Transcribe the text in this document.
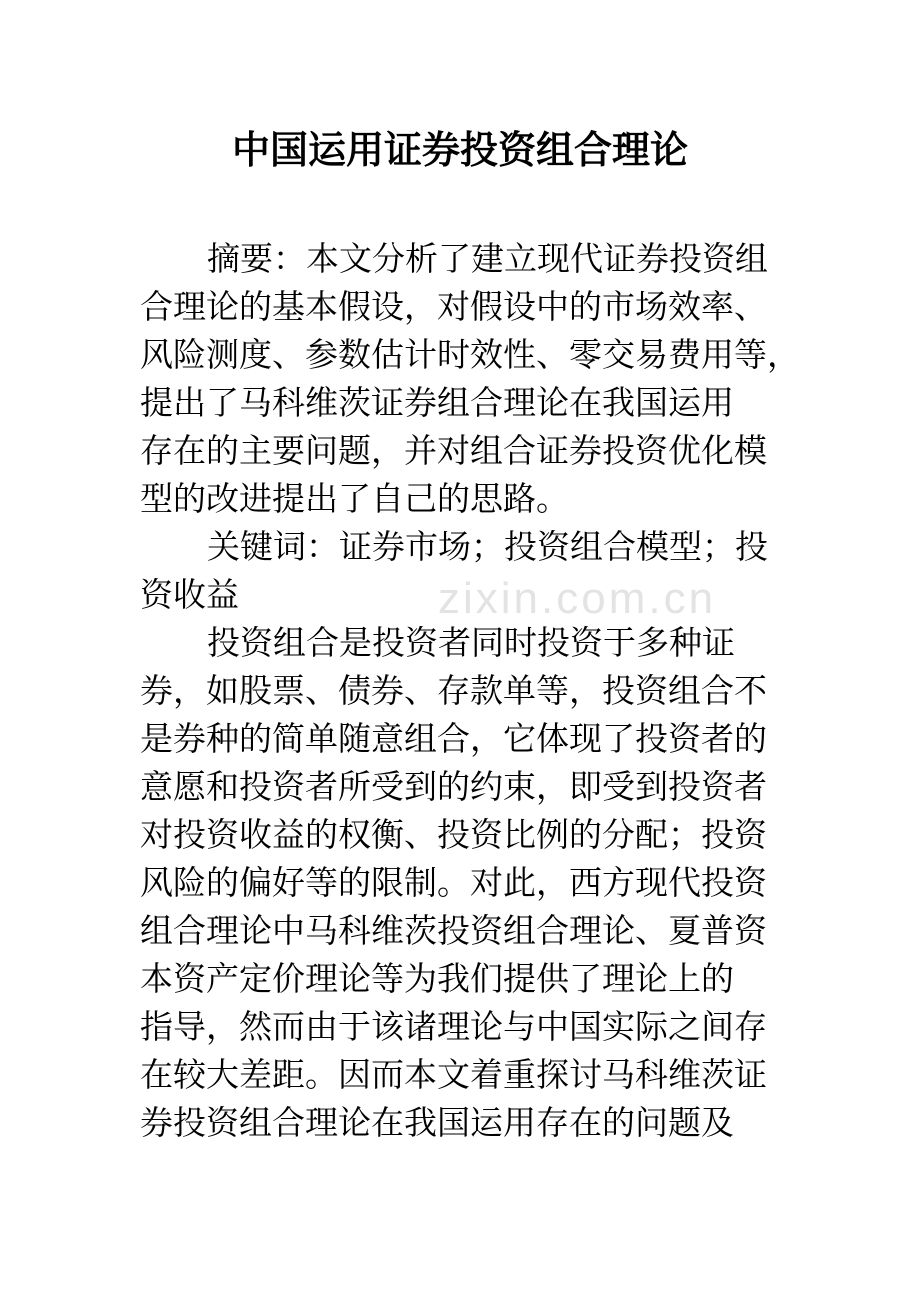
zixin.com.cn
中国运用证券投资组合理论
摘要：本文分析了建立现代证券投资组
合理论的基本假设，对假设中的市场效率、
风险测度、参数估计时效性、零交易费用等，
提出了马科维茨证券组合理论在我国运用
存在的主要问题，并对组合证券投资优化模
型的改进提出了自己的思路。
关键词：证券市场；投资组合模型；投
资收益
投资组合是投资者同时投资于多种证
券，如股票、债券、存款单等，投资组合不
是券种的简单随意组合，它体现了投资者的
意愿和投资者所受到的约束，即受到投资者
对投资收益的权衡、投资比例的分配；投资
风险的偏好等的限制。对此，西方现代投资
组合理论中马科维茨投资组合理论、夏普资
本资产定价理论等为我们提供了理论上的
指导，然而由于该诸理论与中国实际之间存
在较大差距。因而本文着重探讨马科维茨证
券投资组合理论在我国运用存在的问题及
